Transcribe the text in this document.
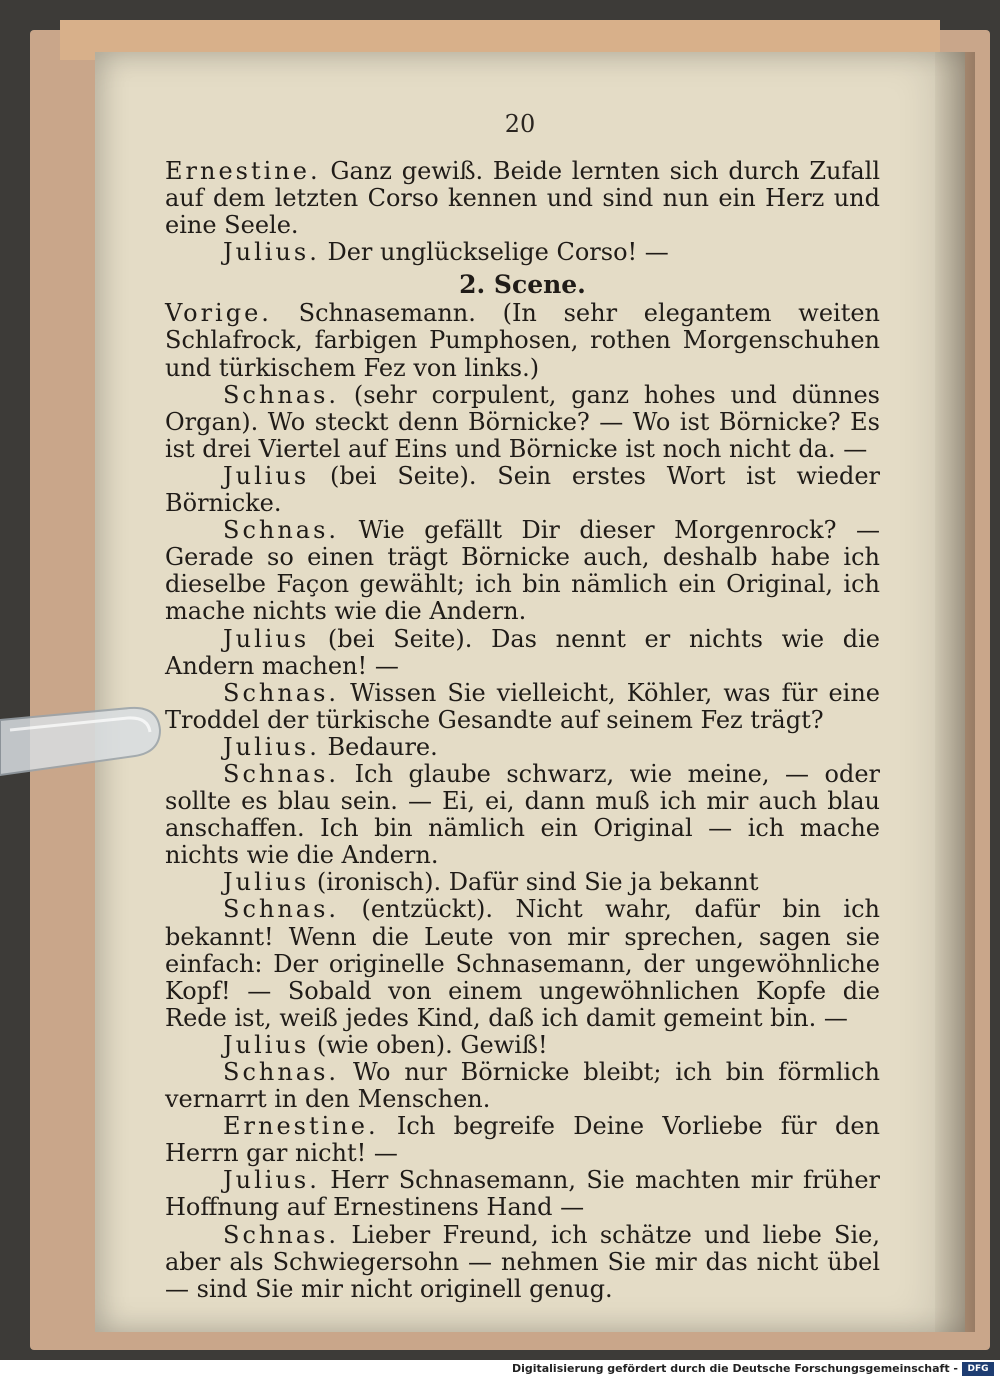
20

Ernestine. Ganz gewiß. Beide lernten sich durch Zufall auf dem letzten Corso kennen und sind nun ein Herz und eine Seele.

Julius. Der unglückselige Corso! —

2. Scene.

Vorige. Schnasemann. (In sehr elegantem weiten Schlafrock, farbigen Pumphosen, rothen Morgenschuhen und türkischem Fez von links.)

Schnas. (sehr corpulent, ganz hohes und dünnes Organ). Wo steckt denn Börnicke? — Wo ist Börnicke? Es ist drei Viertel auf Eins und Börnicke ist noch nicht da. —

Julius (bei Seite). Sein erstes Wort ist wieder Börnicke.

Schnas. Wie gefällt Dir dieser Morgenrock? — Gerade so einen trägt Börnicke auch, deshalb habe ich dieselbe Façon gewählt; ich bin nämlich ein Original, ich mache nichts wie die Andern.

Julius (bei Seite). Das nennt er nichts wie die Andern machen! —

Schnas. Wissen Sie vielleicht, Köhler, was für eine Troddel der türkische Gesandte auf seinem Fez trägt?

Julius. Bedaure.

Schnas. Ich glaube schwarz, wie meine, — oder sollte es blau sein. — Ei, ei, dann muß ich mir auch blau anschaffen. Ich bin nämlich ein Original — ich mache nichts wie die Andern.

Julius (ironisch). Dafür sind Sie ja bekannt

Schnas. (entzückt). Nicht wahr, dafür bin ich bekannt! Wenn die Leute von mir sprechen, sagen sie einfach: Der originelle Schnasemann, der ungewöhnliche Kopf! — Sobald von einem ungewöhnlichen Kopfe die Rede ist, weiß jedes Kind, daß ich damit gemeint bin. —

Julius (wie oben). Gewiß!

Schnas. Wo nur Börnicke bleibt; ich bin förmlich vernarrt in den Menschen.

Ernestine. Ich begreife Deine Vorliebe für den Herrn gar nicht! —

Julius. Herr Schnasemann, Sie machten mir früher Hoffnung auf Ernestinens Hand —

Schnas. Lieber Freund, ich schätze und liebe Sie, aber als Schwiegersohn — nehmen Sie mir das nicht übel — sind Sie mir nicht originell genug.

Digitalisierung gefördert durch die Deutsche Forschungsgemeinschaft -	DFG
